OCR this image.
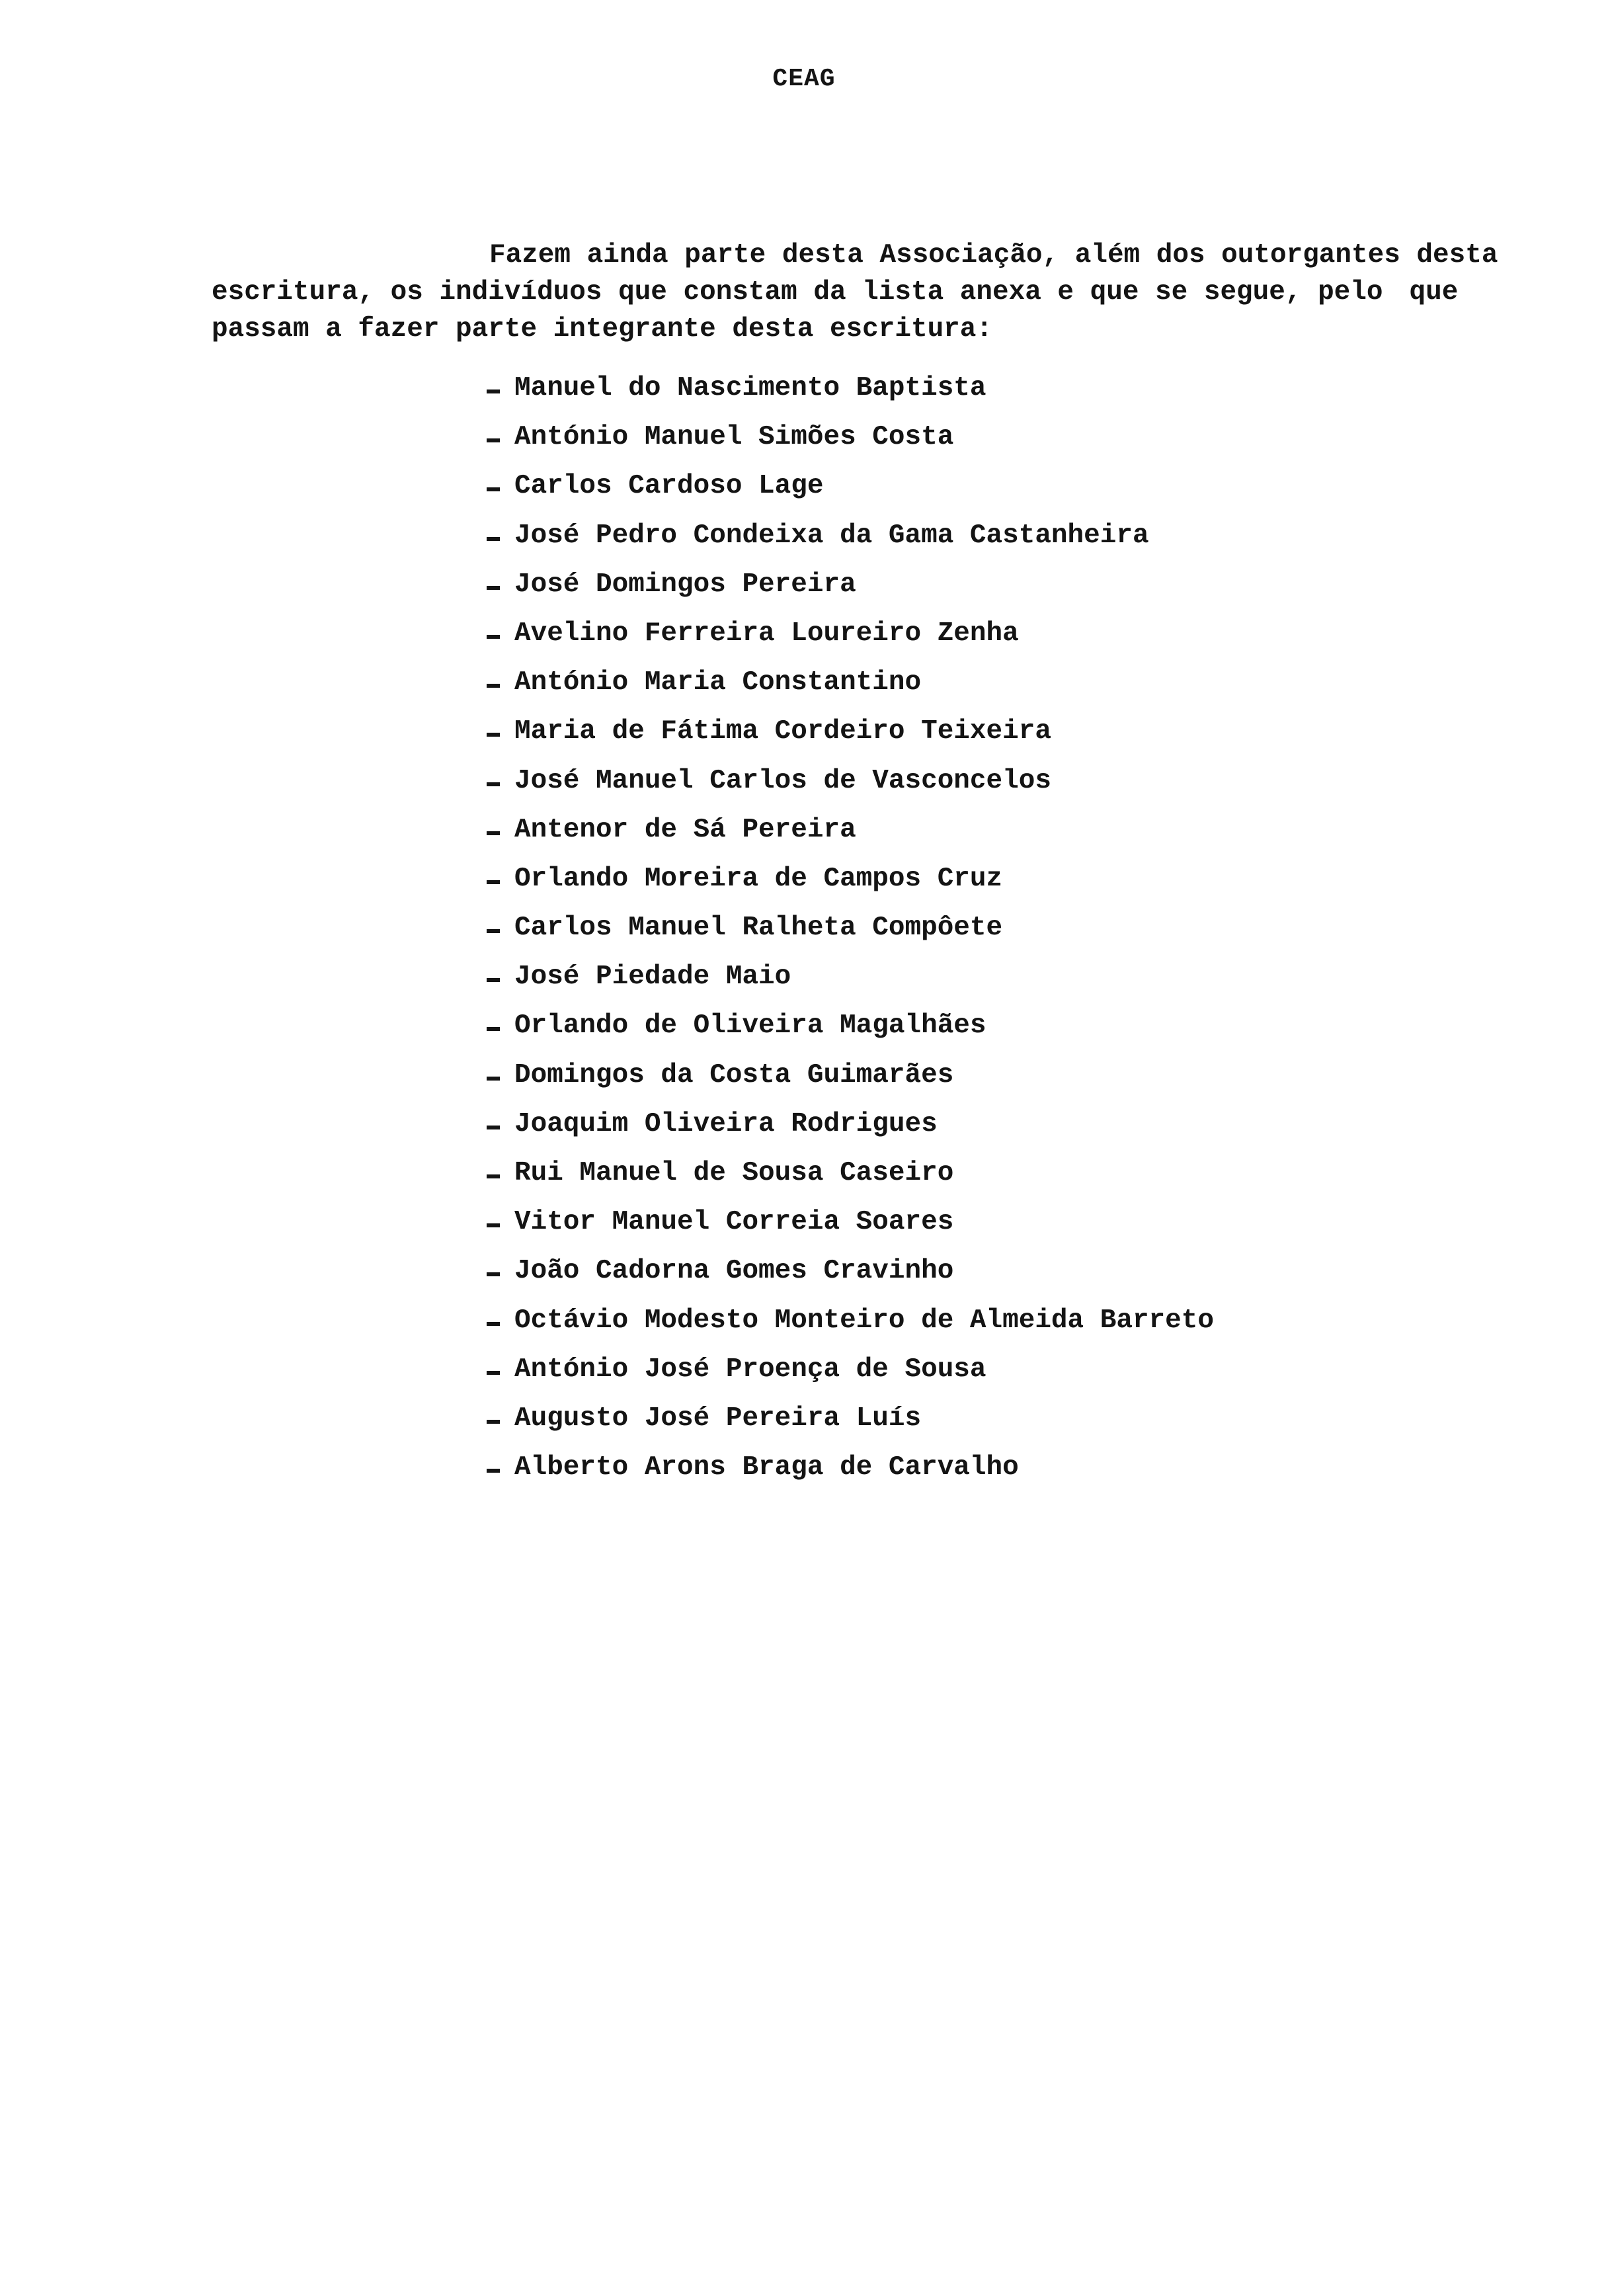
CEAG
Fazem ainda parte desta Associação, além dos outorgantes desta
escritura, os indivíduos que constam da lista anexa e que se segue, pelo que
passam a fazer parte integrante desta escritura:
Manuel do Nascimento Baptista
António Manuel Simões Costa
Carlos Cardoso Lage
José Pedro Condeixa da Gama Castanheira
José Domingos Pereira
Avelino Ferreira Loureiro Zenha
António Maria Constantino
Maria de Fátima Cordeiro Teixeira
José Manuel Carlos de Vasconcelos
Antenor de Sá Pereira
Orlando Moreira de Campos Cruz
Carlos Manuel Ralheta Compôete
José Piedade Maio
Orlando de Oliveira Magalhães
Domingos da Costa Guimarães
Joaquim Oliveira Rodrigues
Rui Manuel de Sousa Caseiro
Vitor Manuel Correia Soares
João Cadorna Gomes Cravinho
Octávio Modesto Monteiro de Almeida Barreto
António José Proença de Sousa
Augusto José Pereira Luís
Alberto Arons Braga de Carvalho
